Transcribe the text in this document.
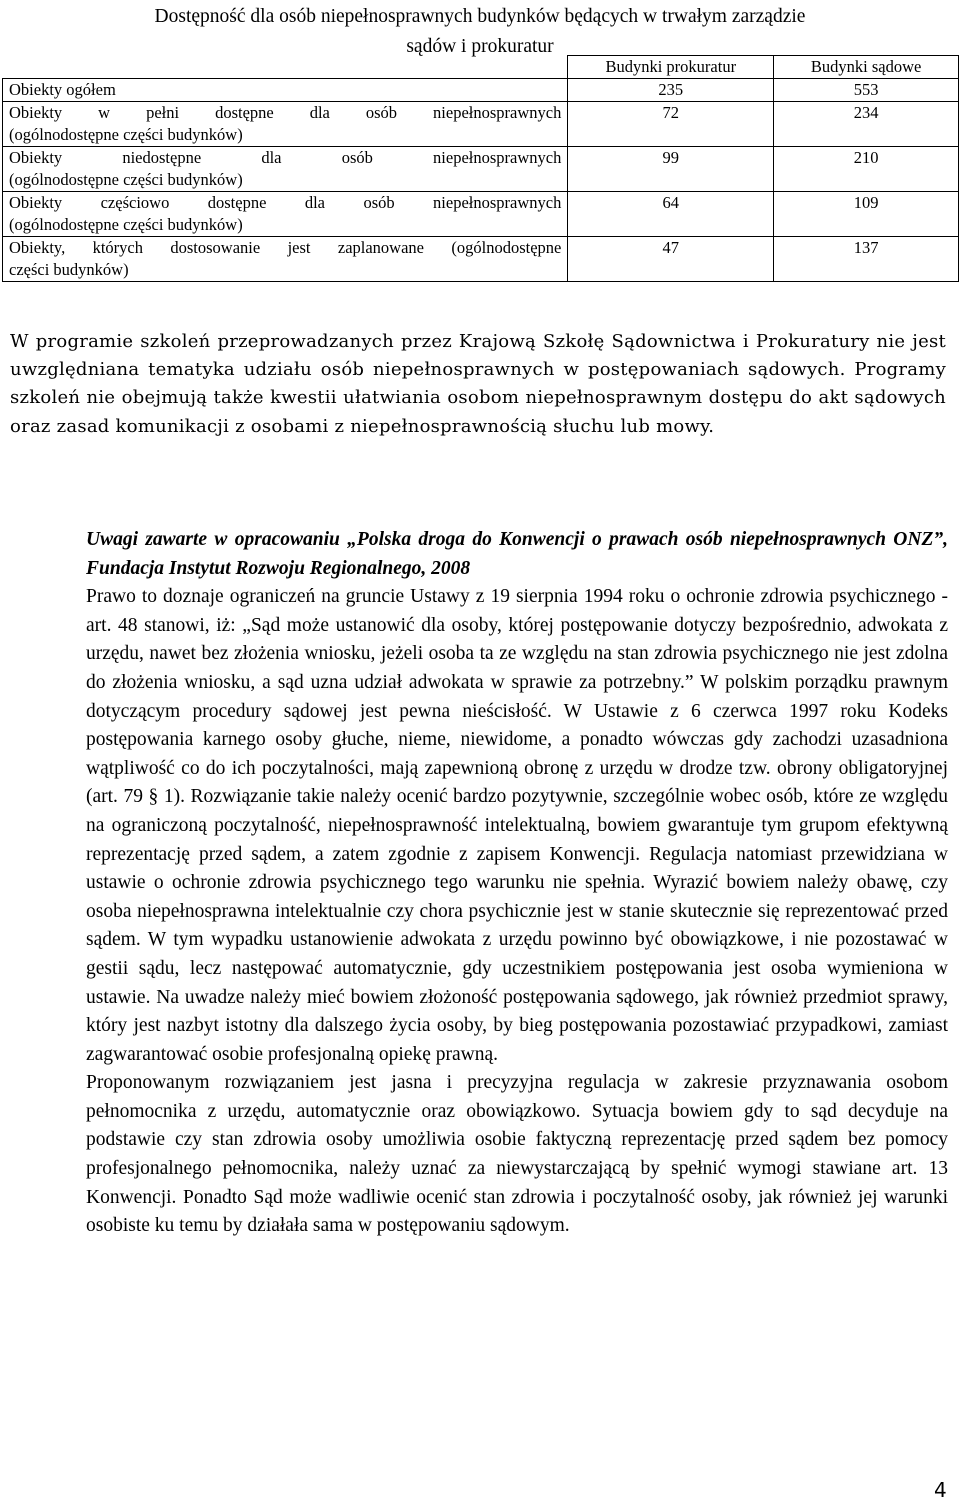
Dostępność dla osób niepełnosprawnych budynków będących w trwałym zarządzie
sądów i prokuratur
	Budynki prokuratur	Budynki sądowe
Obiekty ogółem	235	553
Obiekty w pełni dostępne dla osób niepełnosprawnych
(ogólnodostępne części budynków)	72	234
Obiekty niedostępne dla osób niepełnosprawnych
(ogólnodostępne części budynków)	99	210
Obiekty częściowo dostępne dla osób niepełnosprawnych
(ogólnodostępne części budynków)	64	109
Obiekty, których dostosowanie jest zaplanowane (ogólnodostępne
części budynków)	47	137
W programie szkoleń przeprowadzanych przez Krajową Szkołę Sądownictwa i Prokuratury nie jest uwzględniana tematyka udziału osób niepełnosprawnych w postępowaniach sądowych. Programy szkoleń nie obejmują także kwestii ułatwiania osobom niepełnosprawnym dostępu do akt sądowych oraz zasad komunikacji z osobami z niepełnosprawnością słuchu lub mowy.
Uwagi zawarte w opracowaniu „Polska droga do Konwencji o prawach osób niepełnosprawnych ONZ”, Fundacja Instytut Rozwoju Regionalnego, 2008

Prawo to doznaje ograniczeń na gruncie Ustawy z 19 sierpnia 1994 roku o ochronie zdrowia psychicznego - art. 48 stanowi, iż: „Sąd może ustanowić dla osoby, której postępowanie dotyczy bezpośrednio, adwokata z urzędu, nawet bez złożenia wniosku, jeżeli osoba ta ze względu na stan zdrowia psychicznego nie jest zdolna do złożenia wniosku, a sąd uzna udział adwokata w sprawie za potrzebny.” W polskim porządku prawnym dotyczącym procedury sądowej jest pewna nieścisłość. W Ustawie z 6 czerwca 1997 roku Kodeks postępowania karnego osoby głuche, nieme, niewidome, a ponadto wówczas gdy zachodzi uzasadniona wątpliwość co do ich poczytalności, mają zapewnioną obronę z urzędu w drodze tzw. obrony obligatoryjnej (art. 79 § 1). Rozwiązanie takie należy ocenić bardzo pozytywnie, szczególnie wobec osób, które ze względu na ograniczoną poczytalność, niepełnosprawność intelektualną, bowiem gwarantuje tym grupom efektywną reprezentację przed sądem, a zatem zgodnie z zapisem Konwencji. Regulacja natomiast przewidziana w ustawie o ochronie zdrowia psychicznego tego warunku nie spełnia. Wyrazić bowiem należy obawę, czy osoba niepełnosprawna intelektualnie czy chora psychicznie jest w stanie skutecznie się reprezentować przed sądem. W tym wypadku ustanowienie adwokata z urzędu powinno być obowiązkowe, i nie pozostawać w gestii sądu, lecz następować automatycznie, gdy uczestnikiem postępowania jest osoba wymieniona w ustawie. Na uwadze należy mieć bowiem złożoność postępowania sądowego, jak również przedmiot sprawy, który jest nazbyt istotny dla dalszego życia osoby, by bieg postępowania pozostawiać przypadkowi, zamiast zagwarantować osobie profesjonalną opiekę prawną.

Proponowanym rozwiązaniem jest jasna i precyzyjna regulacja w zakresie przyznawania osobom pełnomocnika z urzędu, automatycznie oraz obowiązkowo. Sytuacja bowiem gdy to sąd decyduje na podstawie czy stan zdrowia osoby umożliwia osobie faktyczną reprezentację przed sądem bez pomocy profesjonalnego pełnomocnika, należy uznać za niewystarczającą by spełnić wymogi stawiane art. 13 Konwencji. Ponadto Sąd może wadliwie ocenić stan zdrowia i poczytalność osoby, jak również jej warunki osobiste ku temu by działała sama w postępowaniu sądowym.

4
